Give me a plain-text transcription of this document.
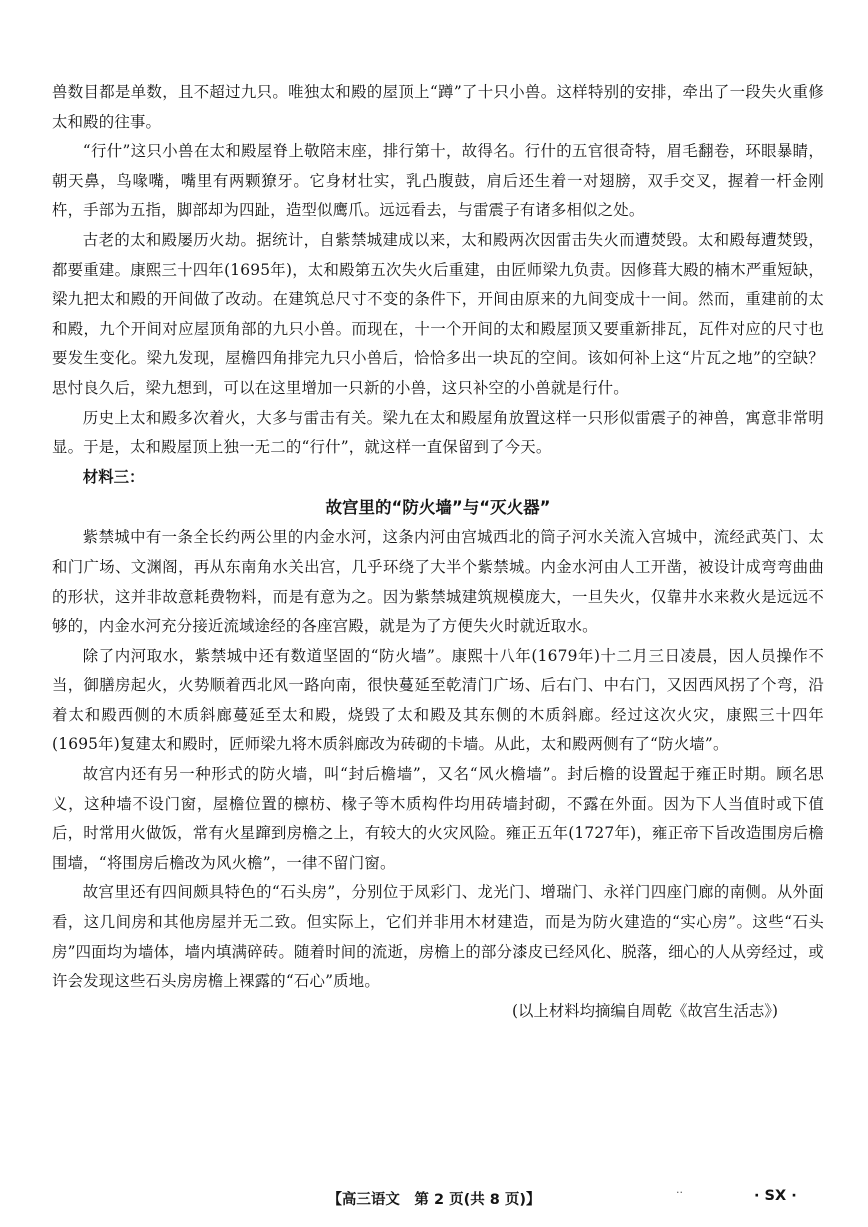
兽数目都是单数，且不超过九只。唯独太和殿的屋顶上“蹲”了十只小兽。这样特别的安排，牵出了一段失火重修太和殿的往事。

“行什”这只小兽在太和殿屋脊上敬陪末座，排行第十，故得名。行什的五官很奇特，眉毛翻卷，环眼暴睛，朝天鼻，鸟喙嘴，嘴里有两颗獠牙。它身材壮实，乳凸腹鼓，肩后还生着一对翅膀，双手交叉，握着一杆金刚杵，手部为五指，脚部却为四趾，造型似鹰爪。远远看去，与雷震子有诸多相似之处。

古老的太和殿屡历火劫。据统计，自紫禁城建成以来，太和殿两次因雷击失火而遭焚毁。太和殿每遭焚毁，都要重建。康熙三十四年(1695年)，太和殿第五次失火后重建，由匠师梁九负责。因修葺大殿的楠木严重短缺，梁九把太和殿的开间做了改动。在建筑总尺寸不变的条件下，开间由原来的九间变成十一间。然而，重建前的太和殿，九个开间对应屋顶角部的九只小兽。而现在，十一个开间的太和殿屋顶又要重新排瓦，瓦件对应的尺寸也要发生变化。梁九发现，屋檐四角排完九只小兽后，恰恰多出一块瓦的空间。该如何补上这“片瓦之地”的空缺？思忖良久后，梁九想到，可以在这里增加一只新的小兽，这只补空的小兽就是行什。

历史上太和殿多次着火，大多与雷击有关。梁九在太和殿屋角放置这样一只形似雷震子的神兽，寓意非常明显。于是，太和殿屋顶上独一无二的“行什”，就这样一直保留到了今天。

材料三：

故宫里的“防火墙”与“灭火器”

紫禁城中有一条全长约两公里的内金水河，这条内河由宫城西北的筒子河水关流入宫城中，流经武英门、太和门广场、文渊阁，再从东南角水关出宫，几乎环绕了大半个紫禁城。内金水河由人工开凿，被设计成弯弯曲曲的形状，这并非故意耗费物料，而是有意为之。因为紫禁城建筑规模庞大，一旦失火，仅靠井水来救火是远远不够的，内金水河充分接近流域途经的各座宫殿，就是为了方便失火时就近取水。

除了内河取水，紫禁城中还有数道坚固的“防火墙”。康熙十八年(1679年)十二月三日凌晨，因人员操作不当，御膳房起火，火势顺着西北风一路向南，很快蔓延至乾清门广场、后右门、中右门，又因西风拐了个弯，沿着太和殿西侧的木质斜廊蔓延至太和殿，烧毁了太和殿及其东侧的木质斜廊。经过这次火灾，康熙三十四年(1695年)复建太和殿时，匠师梁九将木质斜廊改为砖砌的卡墙。从此，太和殿两侧有了“防火墙”。

故宫内还有另一种形式的防火墙，叫“封后檐墙”，又名“风火檐墙”。封后檐的设置起于雍正时期。顾名思义，这种墙不设门窗，屋檐位置的檩枋、椽子等木质构件均用砖墙封砌，不露在外面。因为下人当值时或下值后，时常用火做饭，常有火星蹿到房檐之上，有较大的火灾风险。雍正五年(1727年)，雍正帝下旨改造围房后檐围墙，“将围房后檐改为风火檐”，一律不留门窗。

故宫里还有四间颇具特色的“石头房”，分别位于凤彩门、龙光门、增瑞门、永祥门四座门廊的南侧。从外面看，这几间房和其他房屋并无二致。但实际上，它们并非用木材建造，而是为防火建造的“实心房”。这些“石头房”四面均为墙体，墙内填满碎砖。随着时间的流逝，房檐上的部分漆皮已经风化、脱落，细心的人从旁经过，或许会发现这些石头房房檐上裸露的“石心”质地。

(以上材料均摘编自周乾《故宫生活志》)

【高三语文　第 2 页(共 8 页)】	··	· SX ·
